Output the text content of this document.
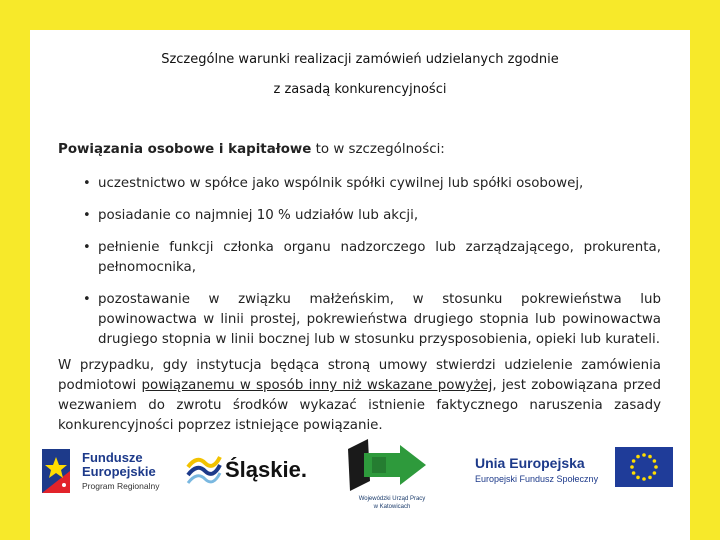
Szczególne warunki realizacji zamówień udzielanych zgodnie
z zasadą konkurencyjności

Powiązania osobowe i kapitałowe to w szczególności:

• uczestnictwo w spółce jako wspólnik spółki cywilnej lub spółki osobowej,
• posiadanie co najmniej 10 % udziałów lub akcji,
• pełnienie funkcji członka organu nadzorczego lub zarządzającego, prokurenta, pełnomocnika,
• pozostawanie w związku małżeńskim, w stosunku pokrewieństwa lub powinowactwa w linii prostej, pokrewieństwa drugiego stopnia lub powinowactwa drugiego stopnia w linii bocznej lub w stosunku przysposobienia, opieki lub kurateli.

W przypadku, gdy instytucja będąca stroną umowy stwierdzi udzielenie zamówienia podmiotowi powiązanemu w sposób inny niż wskazane powyżej, jest zobowiązana przed wezwaniem do zwrotu środków wykazać istnienie faktycznego naruszenia zasady konkurencyjności poprzez istniejące powiązanie.

Fundusze
Europejskie
Program Regionalny
Śląskie.
Wojewódzki Urząd Pracy
w Katowicach
Unia Europejska
Europejski Fundusz Społeczny
